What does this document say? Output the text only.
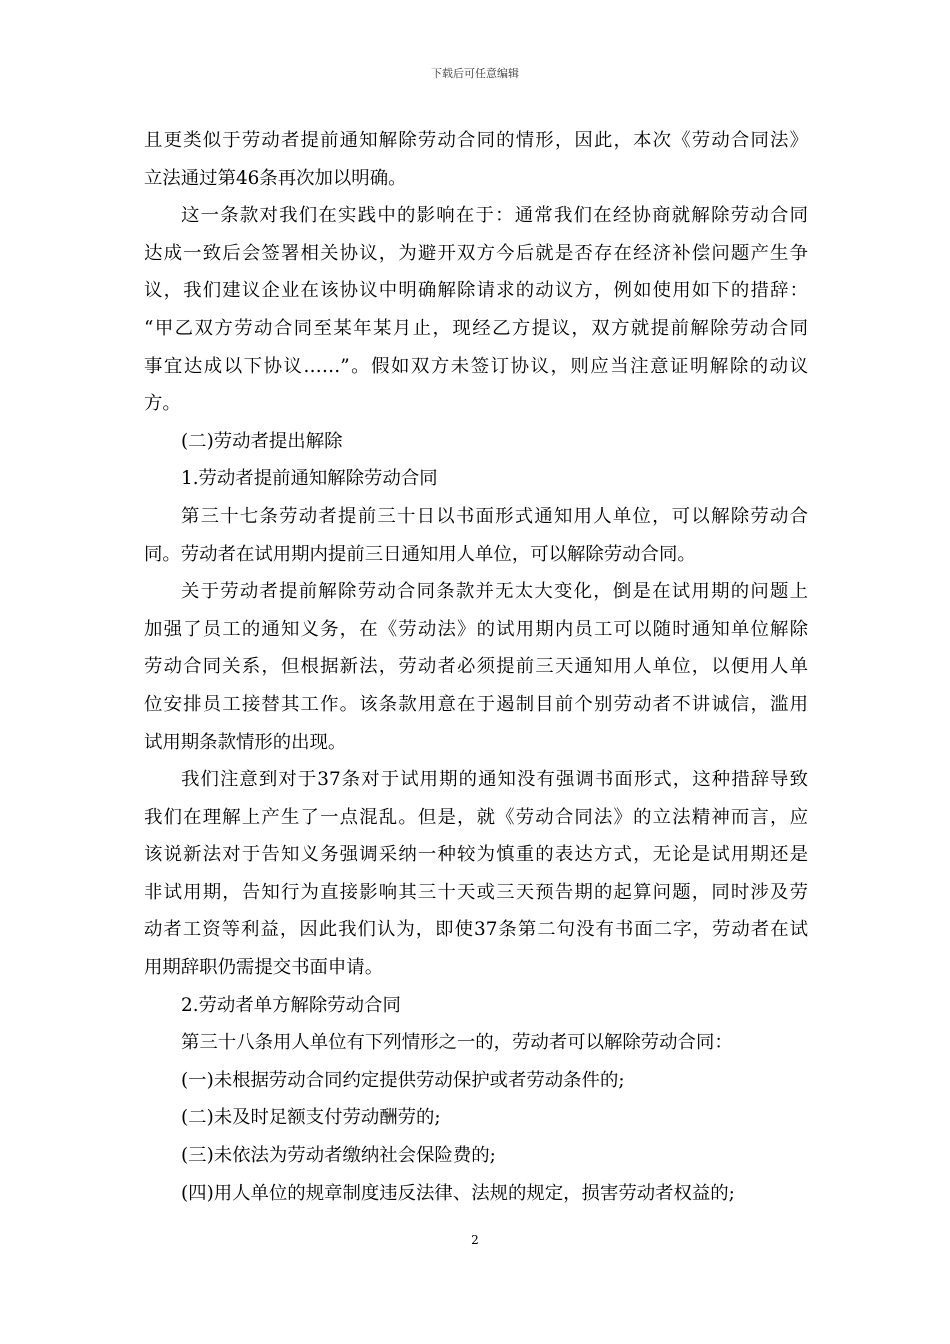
下载后可任意编辑
且更类似于劳动者提前通知解除劳动合同的情形，因此，本次《劳动合同法》
立法通过第46条再次加以明确。
这一条款对我们在实践中的影响在于：通常我们在经协商就解除劳动合同
达成一致后会签署相关协议，为避开双方今后就是否存在经济补偿问题产生争
议，我们建议企业在该协议中明确解除请求的动议方，例如使用如下的措辞：
“甲乙双方劳动合同至某年某月止，现经乙方提议，双方就提前解除劳动合同
事宜达成以下协议……”。假如双方未签订协议，则应当注意证明解除的动议
方。
(二)劳动者提出解除
1.劳动者提前通知解除劳动合同
第三十七条劳动者提前三十日以书面形式通知用人单位，可以解除劳动合
同。劳动者在试用期内提前三日通知用人单位，可以解除劳动合同。
关于劳动者提前解除劳动合同条款并无太大变化，倒是在试用期的问题上
加强了员工的通知义务，在《劳动法》的试用期内员工可以随时通知单位解除
劳动合同关系，但根据新法，劳动者必须提前三天通知用人单位，以便用人单
位安排员工接替其工作。该条款用意在于遏制目前个别劳动者不讲诚信，滥用
试用期条款情形的出现。
我们注意到对于37条对于试用期的通知没有强调书面形式，这种措辞导致
我们在理解上产生了一点混乱。但是，就《劳动合同法》的立法精神而言，应
该说新法对于告知义务强调采纳一种较为慎重的表达方式，无论是试用期还是
非试用期，告知行为直接影响其三十天或三天预告期的起算问题，同时涉及劳
动者工资等利益，因此我们认为，即使37条第二句没有书面二字，劳动者在试
用期辞职仍需提交书面申请。
2.劳动者单方解除劳动合同
第三十八条用人单位有下列情形之一的，劳动者可以解除劳动合同：
(一)未根据劳动合同约定提供劳动保护或者劳动条件的;
(二)未及时足额支付劳动酬劳的;
(三)未依法为劳动者缴纳社会保险费的;
(四)用人单位的规章制度违反法律、法规的规定，损害劳动者权益的;
2
